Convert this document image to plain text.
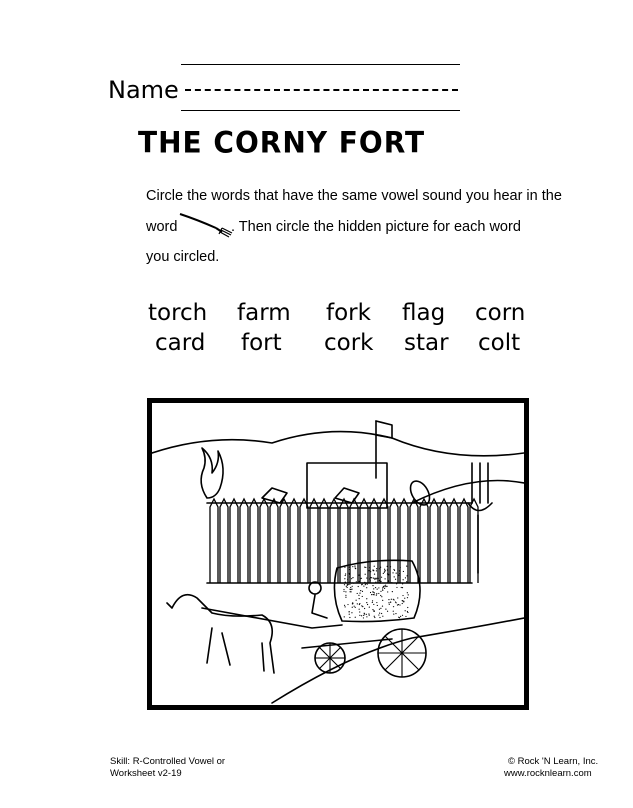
Name
THE CORNY FORT
Circle the words that have the same vowel sound you hear in the
word	. Then circle the hidden picture for each word
you circled.
torch farm fork flag corn
card fort cork star colt
Skill: R-Controlled Vowel or
Worksheet v2-19
© Rock 'N Learn, Inc.
www.rocknlearn.com
